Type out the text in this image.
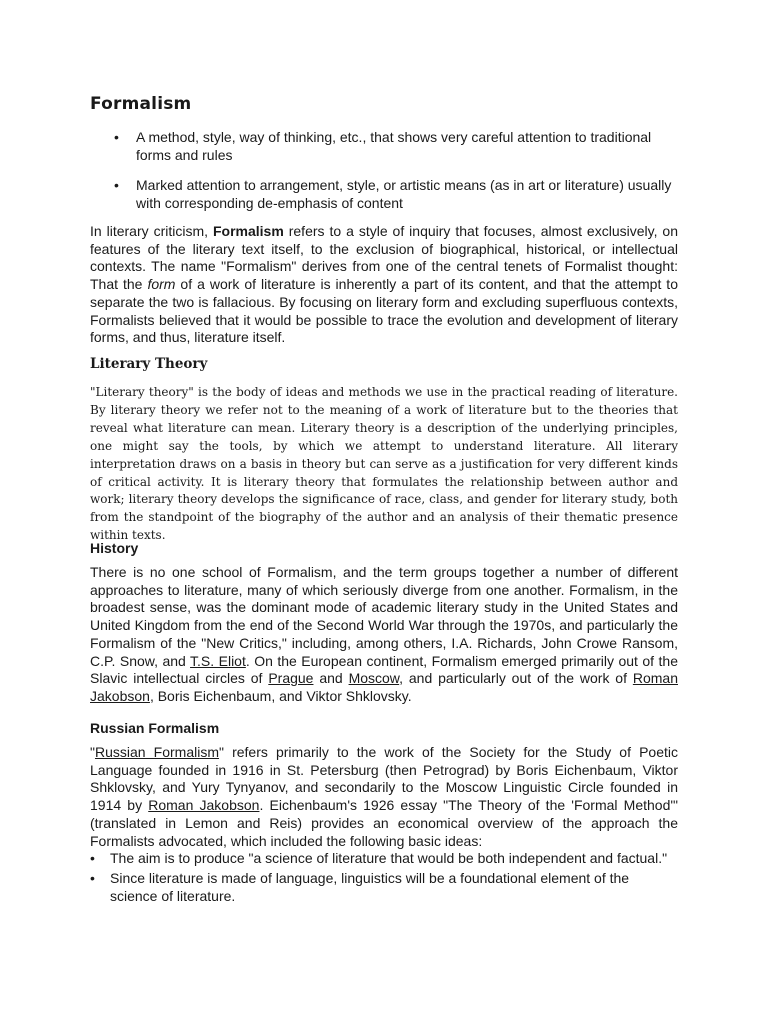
Formalism
• A method, style, way of thinking, etc., that shows very careful attention to traditional forms and rules
• Marked attention to arrangement, style, or artistic means (as in art or literature) usually with corresponding de-emphasis of content

In literary criticism, Formalism refers to a style of inquiry that focuses, almost exclusively, on features of the literary text itself, to the exclusion of biographical, historical, or intellectual contexts. The name "Formalism" derives from one of the central tenets of Formalist thought: That the form of a work of literature is inherently a part of its content, and that the attempt to separate the two is fallacious. By focusing on literary form and excluding superfluous contexts, Formalists believed that it would be possible to trace the evolution and development of literary forms, and thus, literature itself.

Literary Theory

"Literary theory" is the body of ideas and methods we use in the practical reading of literature. By literary theory we refer not to the meaning of a work of literature but to the theories that reveal what literature can mean. Literary theory is a description of the underlying principles, one might say the tools, by which we attempt to understand literature. All literary interpretation draws on a basis in theory but can serve as a justification for very different kinds of critical activity. It is literary theory that formulates the relationship between author and work; literary theory develops the significance of race, class, and gender for literary study, both from the standpoint of the biography of the author and an analysis of their thematic presence within texts.

History

There is no one school of Formalism, and the term groups together a number of different approaches to literature, many of which seriously diverge from one another. Formalism, in the broadest sense, was the dominant mode of academic literary study in the United States and United Kingdom from the end of the Second World War through the 1970s, and particularly the Formalism of the "New Critics," including, among others, I.A. Richards, John Crowe Ransom, C.P. Snow, and T.S. Eliot. On the European continent, Formalism emerged primarily out of the Slavic intellectual circles of Prague and Moscow, and particularly out of the work of Roman Jakobson, Boris Eichenbaum, and Viktor Shklovsky.

Russian Formalism

"Russian Formalism" refers primarily to the work of the Society for the Study of Poetic Language founded in 1916 in St. Petersburg (then Petrograd) by Boris Eichenbaum, Viktor Shklovsky, and Yury Tynyanov, and secondarily to the Moscow Linguistic Circle founded in 1914 by Roman Jakobson. Eichenbaum's 1926 essay "The Theory of the 'Formal Method'" (translated in Lemon and Reis) provides an economical overview of the approach the Formalists advocated, which included the following basic ideas:

• The aim is to produce "a science of literature that would be both independent and factual."
• Since literature is made of language, linguistics will be a foundational element of the science of literature.
